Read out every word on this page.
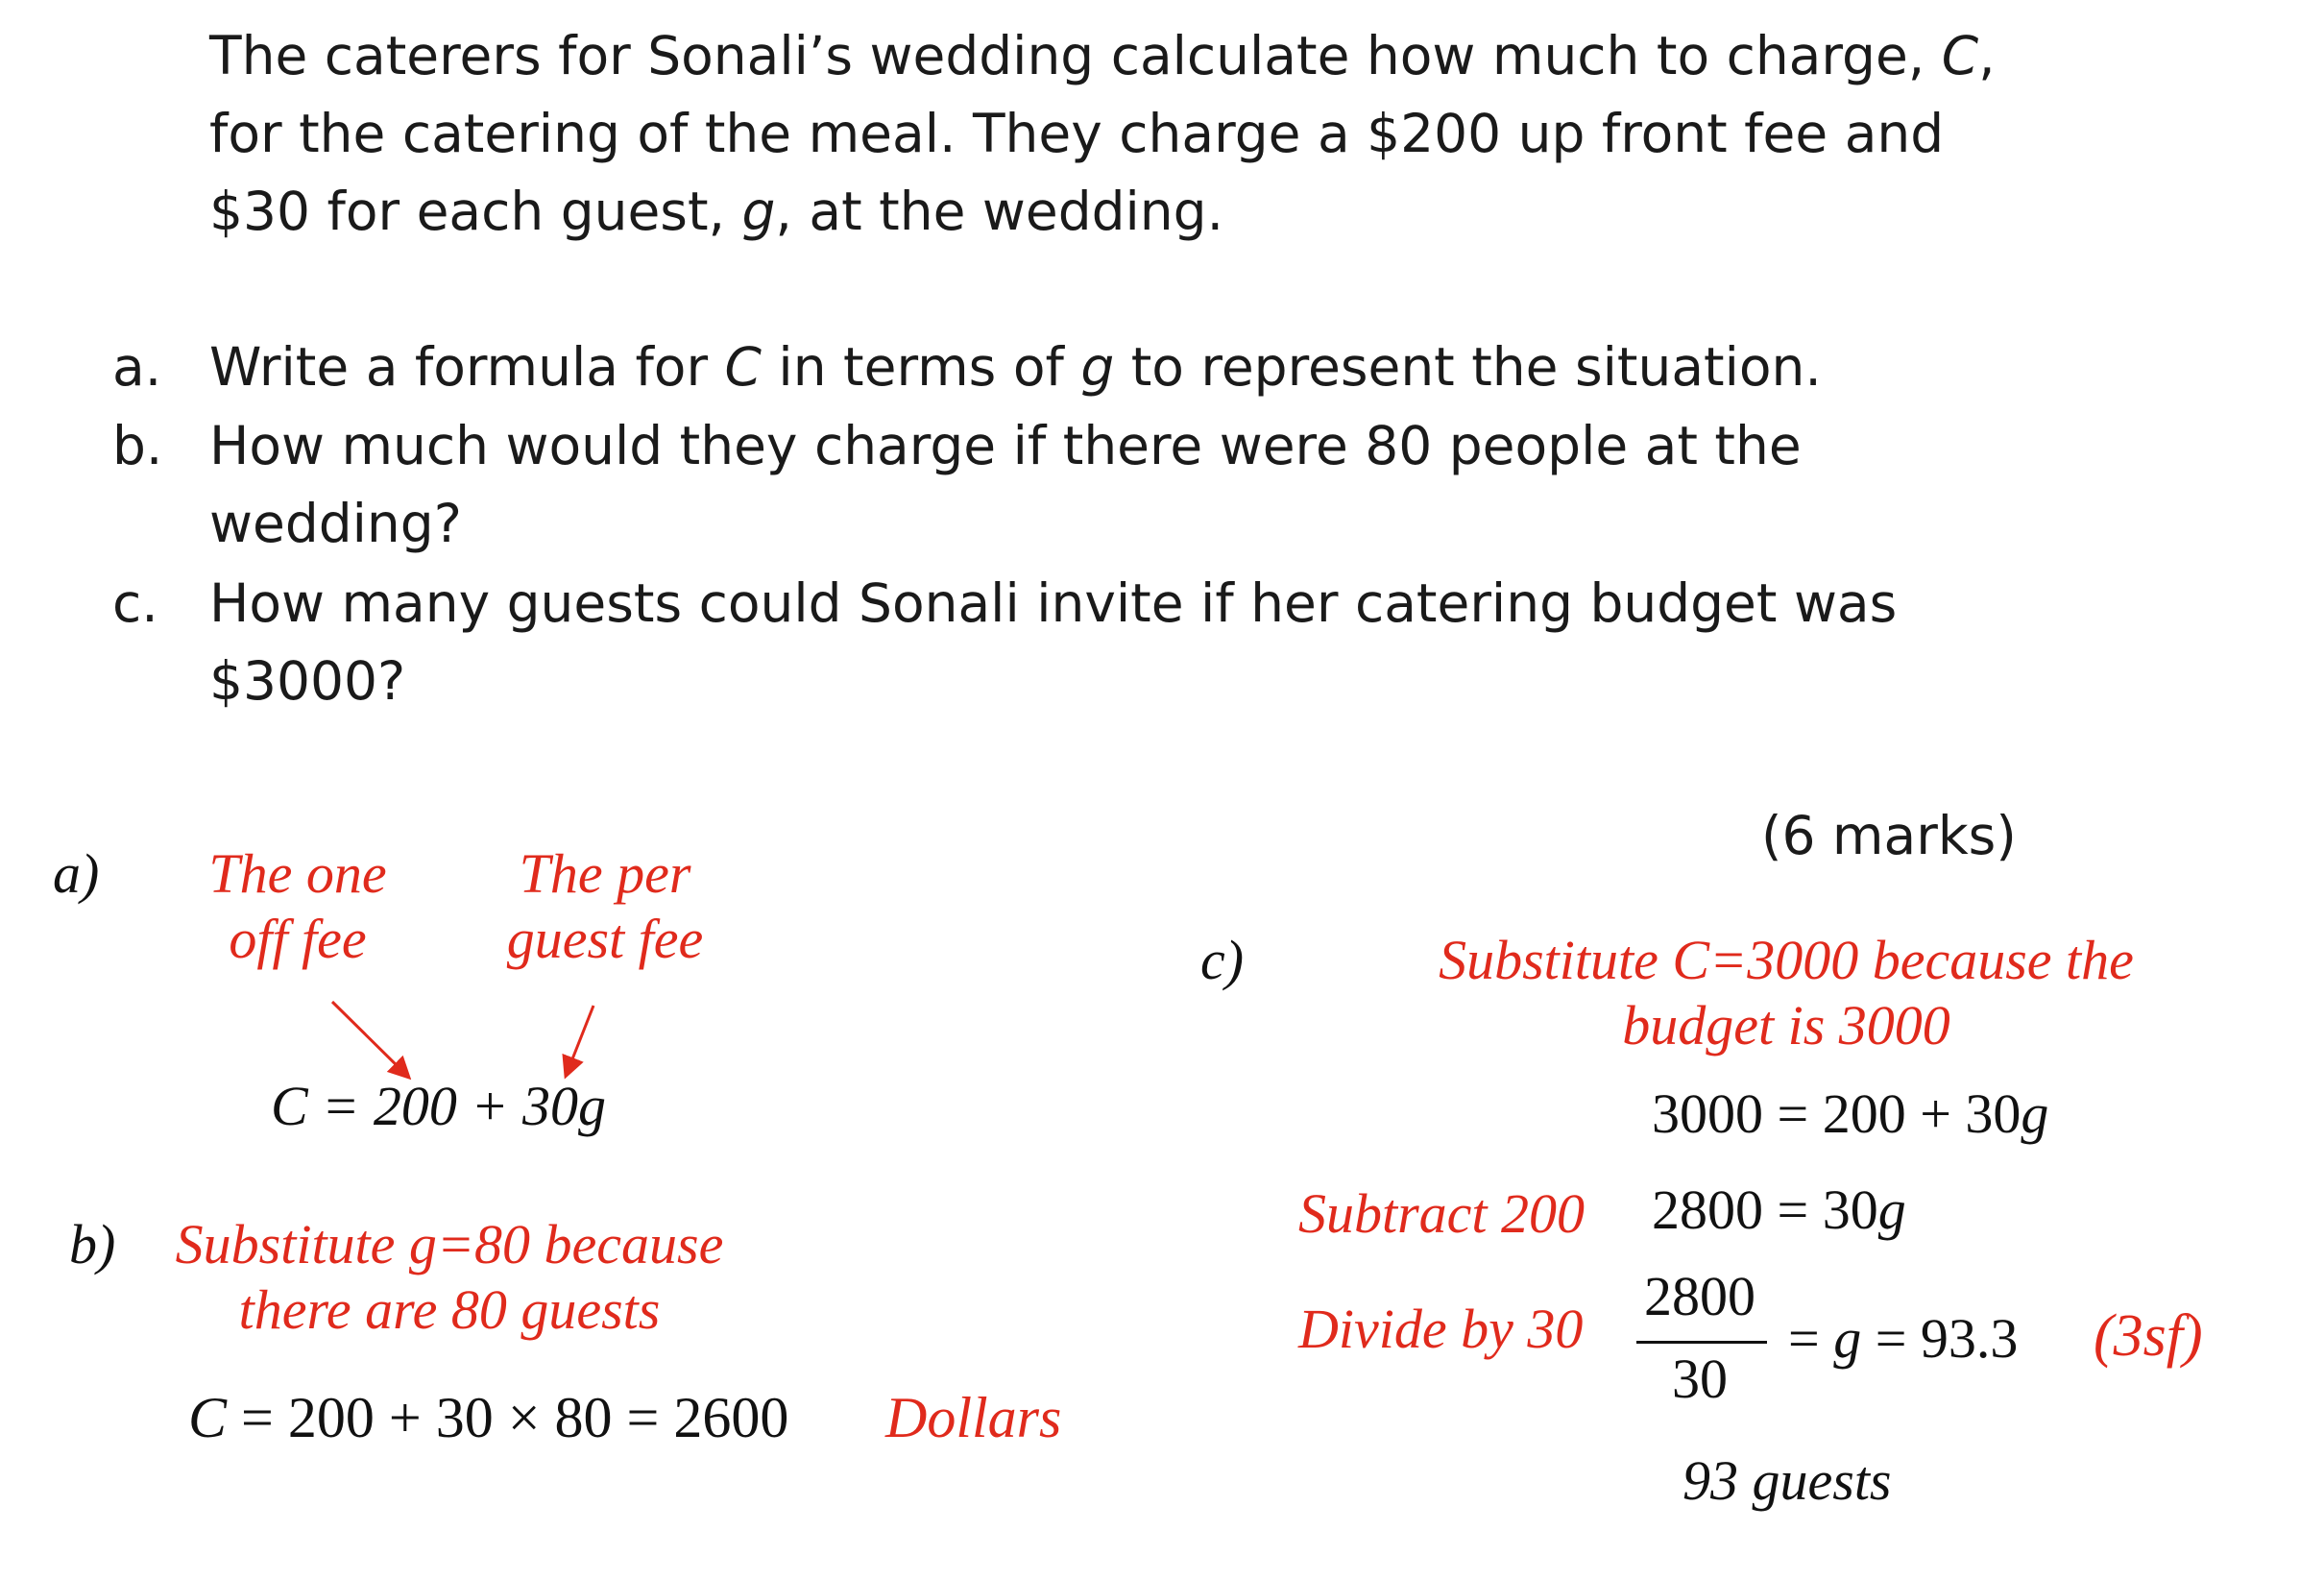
The caterers for Sonali’s wedding calculate how much to charge, C,
for the catering of the meal. They charge a $200 up front fee and
$30 for each guest, g, at the wedding.
a. Write a formula for C in terms of g to represent the situation.
b. How much would they charge if there were 80 people at the
wedding?
c. How many guests could Sonali invite if her catering budget was
$3000?
(6 marks)
a)	The one
off fee
The per
guest fee
C = 200 + 30g
b) Substitute g=80 because
there are 80 guests
C = 200 + 30 × 80 = 2600 Dollars
c)	Substitute C=3000 because the
budget is 3000
3000 = 200 + 30g
Subtract 200 2800 = 30g
Divide by 30
2800
30
= g = 93.3 (3sf)
93 guests
